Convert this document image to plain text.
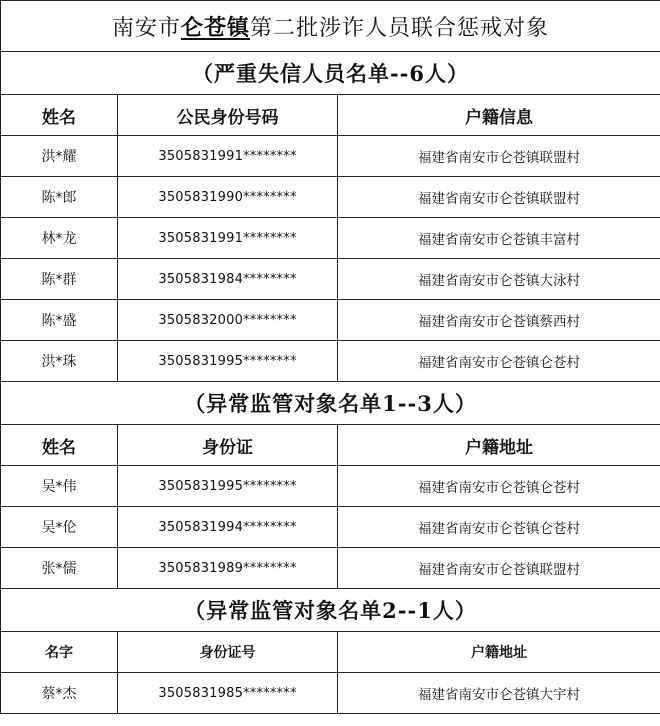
南安市仑苍镇第二批涉诈人员联合惩戒对象		
（严重失信人员名单--6人）		
姓名	公民身份号码	户籍信息
洪*耀	3505831991********	福建省南安市仑苍镇联盟村
陈*郎	3505831990********	福建省南安市仑苍镇联盟村
林*龙	3505831991********	福建省南安市仑苍镇丰富村
陈*群	3505831984********	福建省南安市仑苍镇大泳村
陈*盛	3505832000********	福建省南安市仑苍镇蔡西村
洪*珠	3505831995********	福建省南安市仑苍镇仑苍村
（异常监管对象名单1--3人）		
姓名	身份证	户籍地址
吴*伟	3505831995********	福建省南安市仑苍镇仑苍村
吴*伦	3505831994********	福建省南安市仑苍镇仑苍村
张*儒	3505831989********	福建省南安市仑苍镇联盟村
（异常监管对象名单2--1人）		
名字	身份证号	户籍地址
蔡*杰	3505831985********	福建省南安市仑苍镇大宇村
